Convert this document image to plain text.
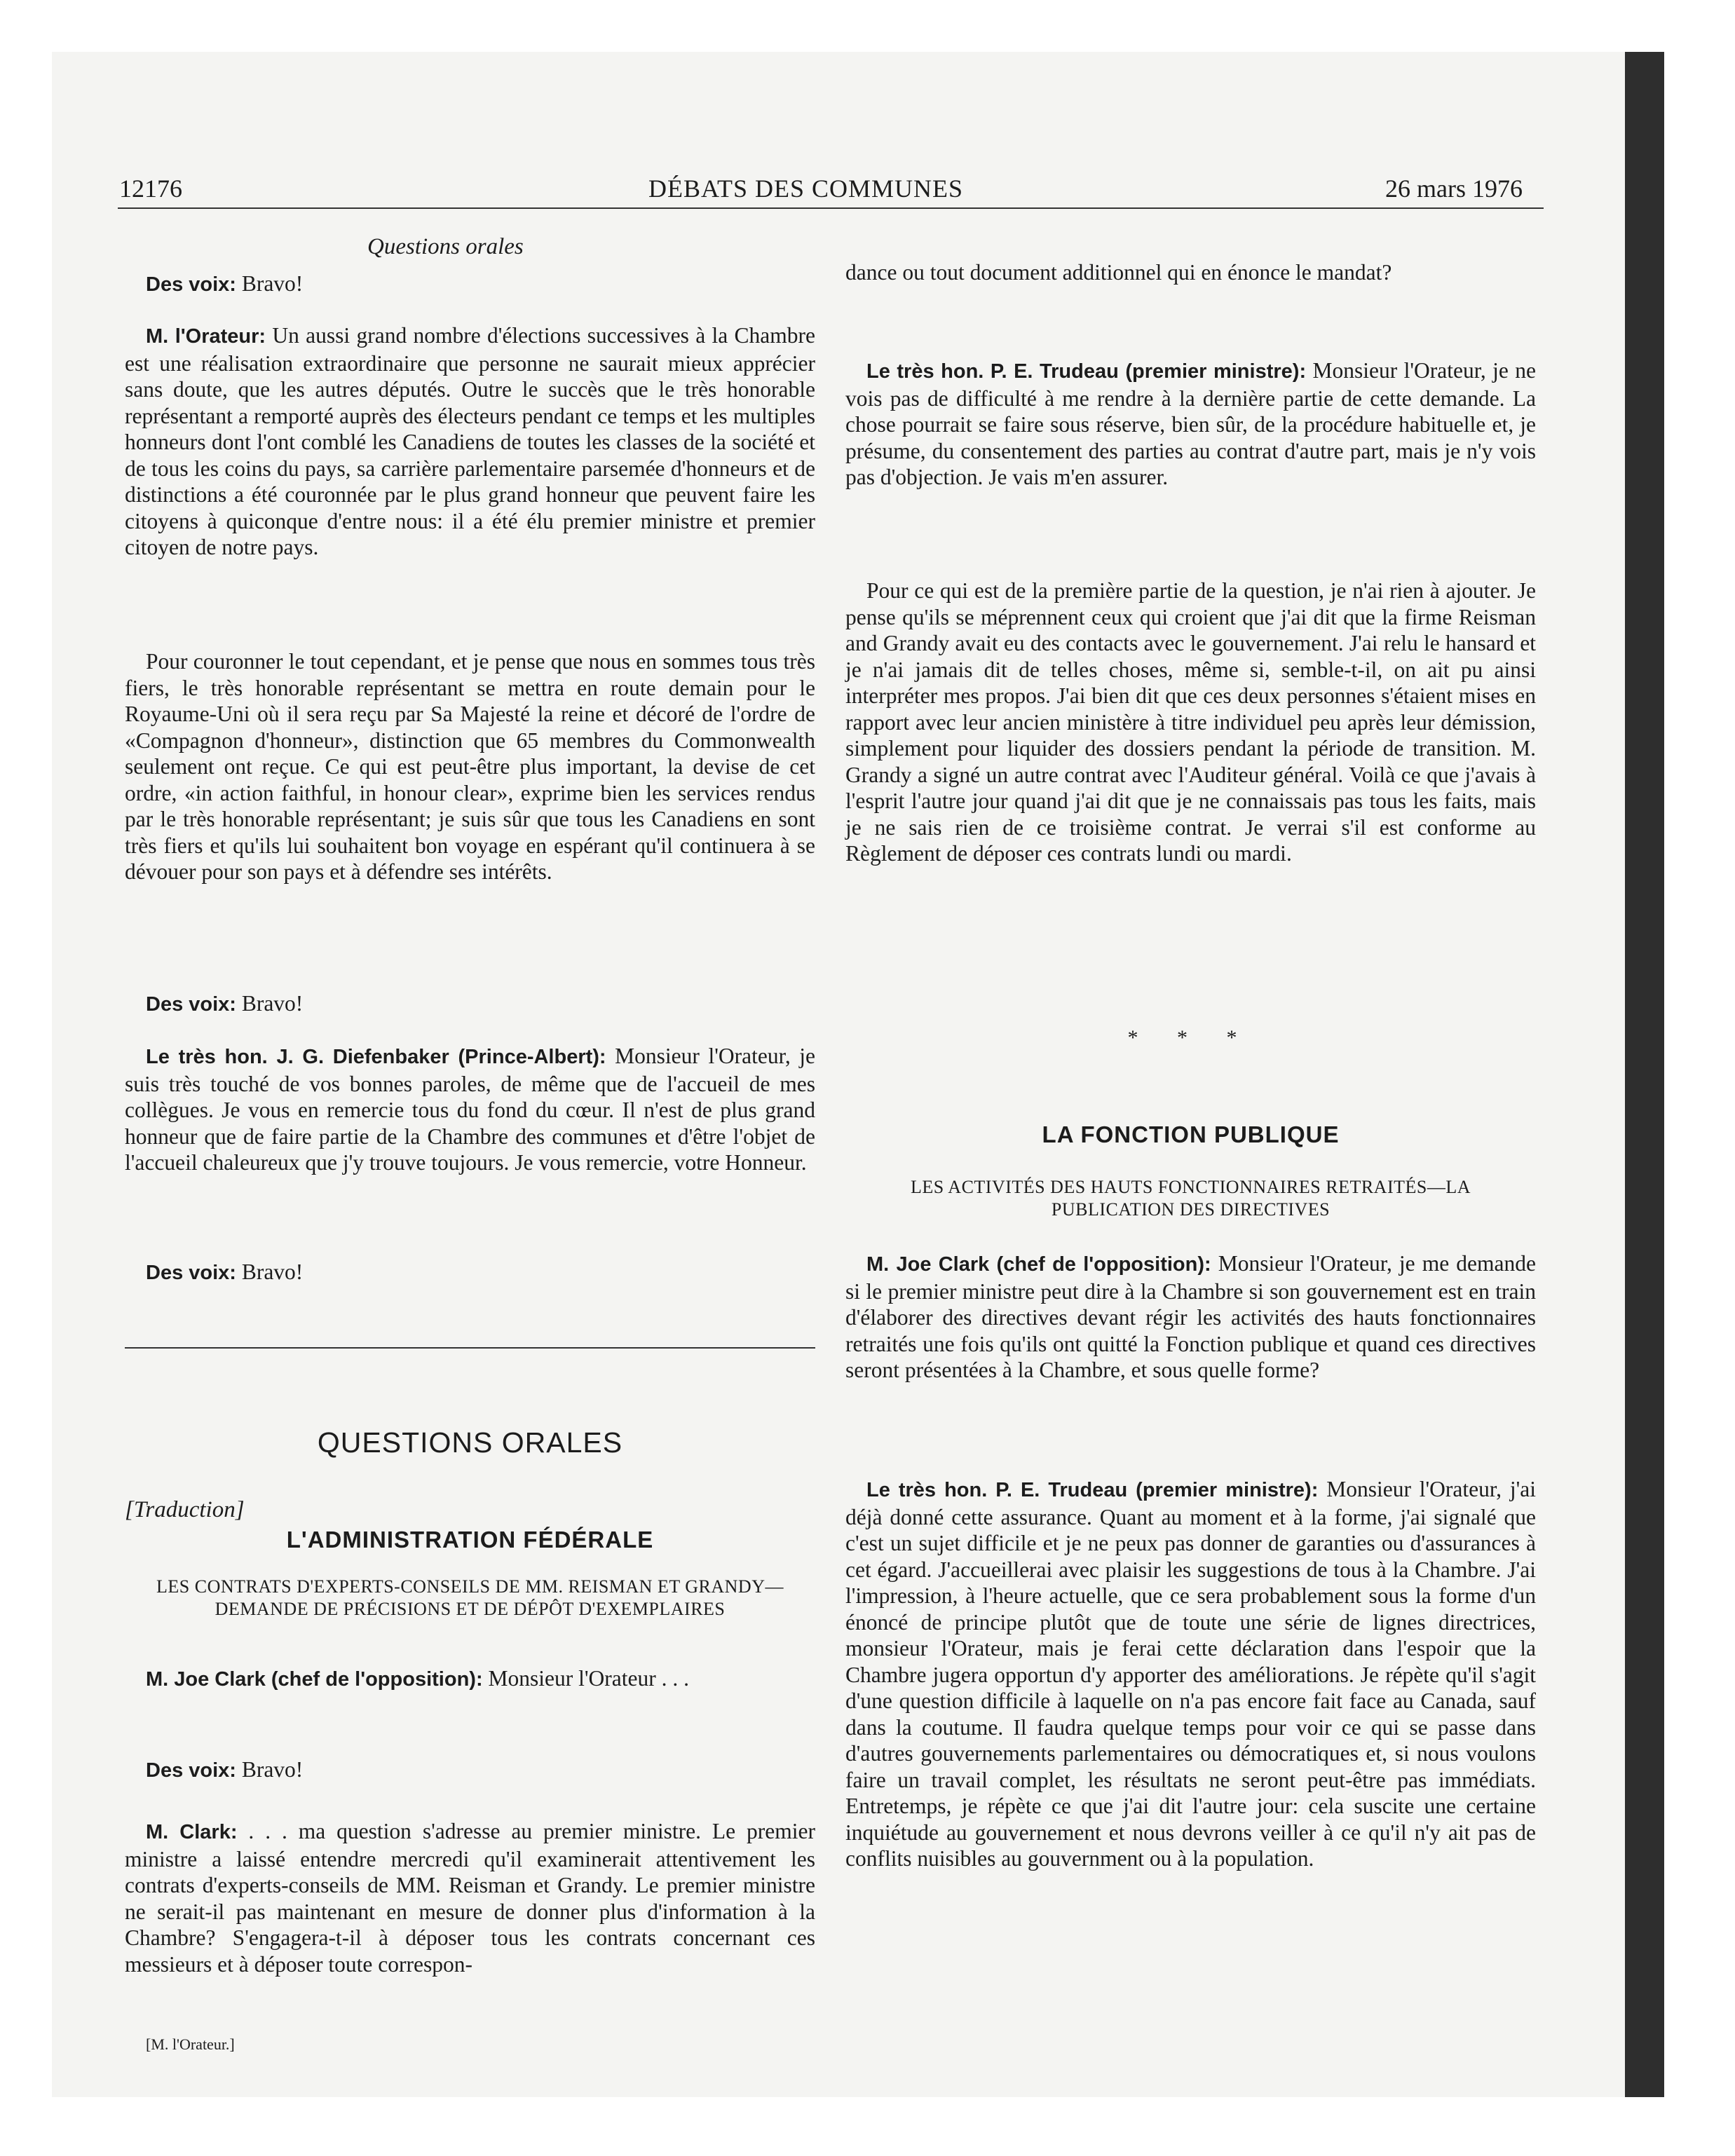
12176	DÉBATS DES COMMUNES	26 mars 1976
Questions orales

Des voix: Bravo!

M. l'Orateur: Un aussi grand nombre d'élections successives à la Chambre est une réalisation extraordinaire que personne ne saurait mieux apprécier sans doute, que les autres députés. Outre le succès que le très honorable représentant a remporté auprès des électeurs pendant ce temps et les multiples honneurs dont l'ont comblé les Canadiens de toutes les classes de la société et de tous les coins du pays, sa carrière parlementaire parsemée d'honneurs et de distinctions a été couronnée par le plus grand honneur que peuvent faire les citoyens à quiconque d'entre nous: il a été élu premier ministre et premier citoyen de notre pays.

Pour couronner le tout cependant, et je pense que nous en sommes tous très fiers, le très honorable représentant se mettra en route demain pour le Royaume-Uni où il sera reçu par Sa Majesté la reine et décoré de l'ordre de «Compagnon d'honneur», distinction que 65 membres du Commonwealth seulement ont reçue. Ce qui est peut-être plus important, la devise de cet ordre, «in action faithful, in honour clear», exprime bien les services rendus par le très honorable représentant; je suis sûr que tous les Canadiens en sont très fiers et qu'ils lui souhaitent bon voyage en espérant qu'il continuera à se dévouer pour son pays et à défendre ses intérêts.

Des voix: Bravo!

Le très hon. J. G. Diefenbaker (Prince-Albert): Monsieur l'Orateur, je suis très touché de vos bonnes paroles, de même que de l'accueil de mes collègues. Je vous en remercie tous du fond du cœur. Il n'est de plus grand honneur que de faire partie de la Chambre des communes et d'être l'objet de l'accueil chaleureux que j'y trouve toujours. Je vous remercie, votre Honneur.

Des voix: Bravo!

QUESTIONS ORALES
[Traduction]
L'ADMINISTRATION FÉDÉRALE
LES CONTRATS D'EXPERTS-CONSEILS DE MM. REISMAN ET GRANDY—DEMANDE DE PRÉCISIONS ET DE DÉPÔT D'EXEMPLAIRES

M. Joe Clark (chef de l'opposition): Monsieur l'Orateur . . .

Des voix: Bravo!

M. Clark: . . . ma question s'adresse au premier ministre. Le premier ministre a laissé entendre mercredi qu'il examinerait attentivement les contrats d'experts-conseils de MM. Reisman et Grandy. Le premier ministre ne serait-il pas maintenant en mesure de donner plus d'information à la Chambre? S'engagera-t-il à déposer tous les contrats concernant ces messieurs et à déposer toute correspon-

[M. l'Orateur.]

dance ou tout document additionnel qui en énonce le mandat?

Le très hon. P. E. Trudeau (premier ministre): Monsieur l'Orateur, je ne vois pas de difficulté à me rendre à la dernière partie de cette demande. La chose pourrait se faire sous réserve, bien sûr, de la procédure habituelle et, je présume, du consentement des parties au contrat d'autre part, mais je n'y vois pas d'objection. Je vais m'en assurer.

Pour ce qui est de la première partie de la question, je n'ai rien à ajouter. Je pense qu'ils se méprennent ceux qui croient que j'ai dit que la firme Reisman and Grandy avait eu des contacts avec le gouvernement. J'ai relu le hansard et je n'ai jamais dit de telles choses, même si, semble-t-il, on ait pu ainsi interpréter mes propos. J'ai bien dit que ces deux personnes s'étaient mises en rapport avec leur ancien ministère à titre individuel peu après leur démission, simplement pour liquider des dossiers pendant la période de transition. M. Grandy a signé un autre contrat avec l'Auditeur général. Voilà ce que j'avais à l'esprit l'autre jour quand j'ai dit que je ne connaissais pas tous les faits, mais je ne sais rien de ce troisième contrat. Je verrai s'il est conforme au Règlement de déposer ces contrats lundi ou mardi.

* * *
LA FONCTION PUBLIQUE
LES ACTIVITÉS DES HAUTS FONCTIONNAIRES RETRAITÉS—LA PUBLICATION DES DIRECTIVES

M. Joe Clark (chef de l'opposition): Monsieur l'Orateur, je me demande si le premier ministre peut dire à la Chambre si son gouvernement est en train d'élaborer des directives devant régir les activités des hauts fonctionnaires retraités une fois qu'ils ont quitté la Fonction publique et quand ces directives seront présentées à la Chambre, et sous quelle forme?

Le très hon. P. E. Trudeau (premier ministre): Monsieur l'Orateur, j'ai déjà donné cette assurance. Quant au moment et à la forme, j'ai signalé que c'est un sujet difficile et je ne peux pas donner de garanties ou d'assurances à cet égard. J'accueillerai avec plaisir les suggestions de tous à la Chambre. J'ai l'impression, à l'heure actuelle, que ce sera probablement sous la forme d'un énoncé de principe plutôt que de toute une série de lignes directrices, monsieur l'Orateur, mais je ferai cette déclaration dans l'espoir que la Chambre jugera opportun d'y apporter des améliorations. Je répète qu'il s'agit d'une question difficile à laquelle on n'a pas encore fait face au Canada, sauf dans la coutume. Il faudra quelque temps pour voir ce qui se passe dans d'autres gouvernements parlementaires ou démocratiques et, si nous voulons faire un travail complet, les résultats ne seront peut-être pas immédiats. Entretemps, je répète ce que j'ai dit l'autre jour: cela suscite une certaine inquiétude au gouvernement et nous devrons veiller à ce qu'il n'y ait pas de conflits nuisibles au gouvernment ou à la population.
